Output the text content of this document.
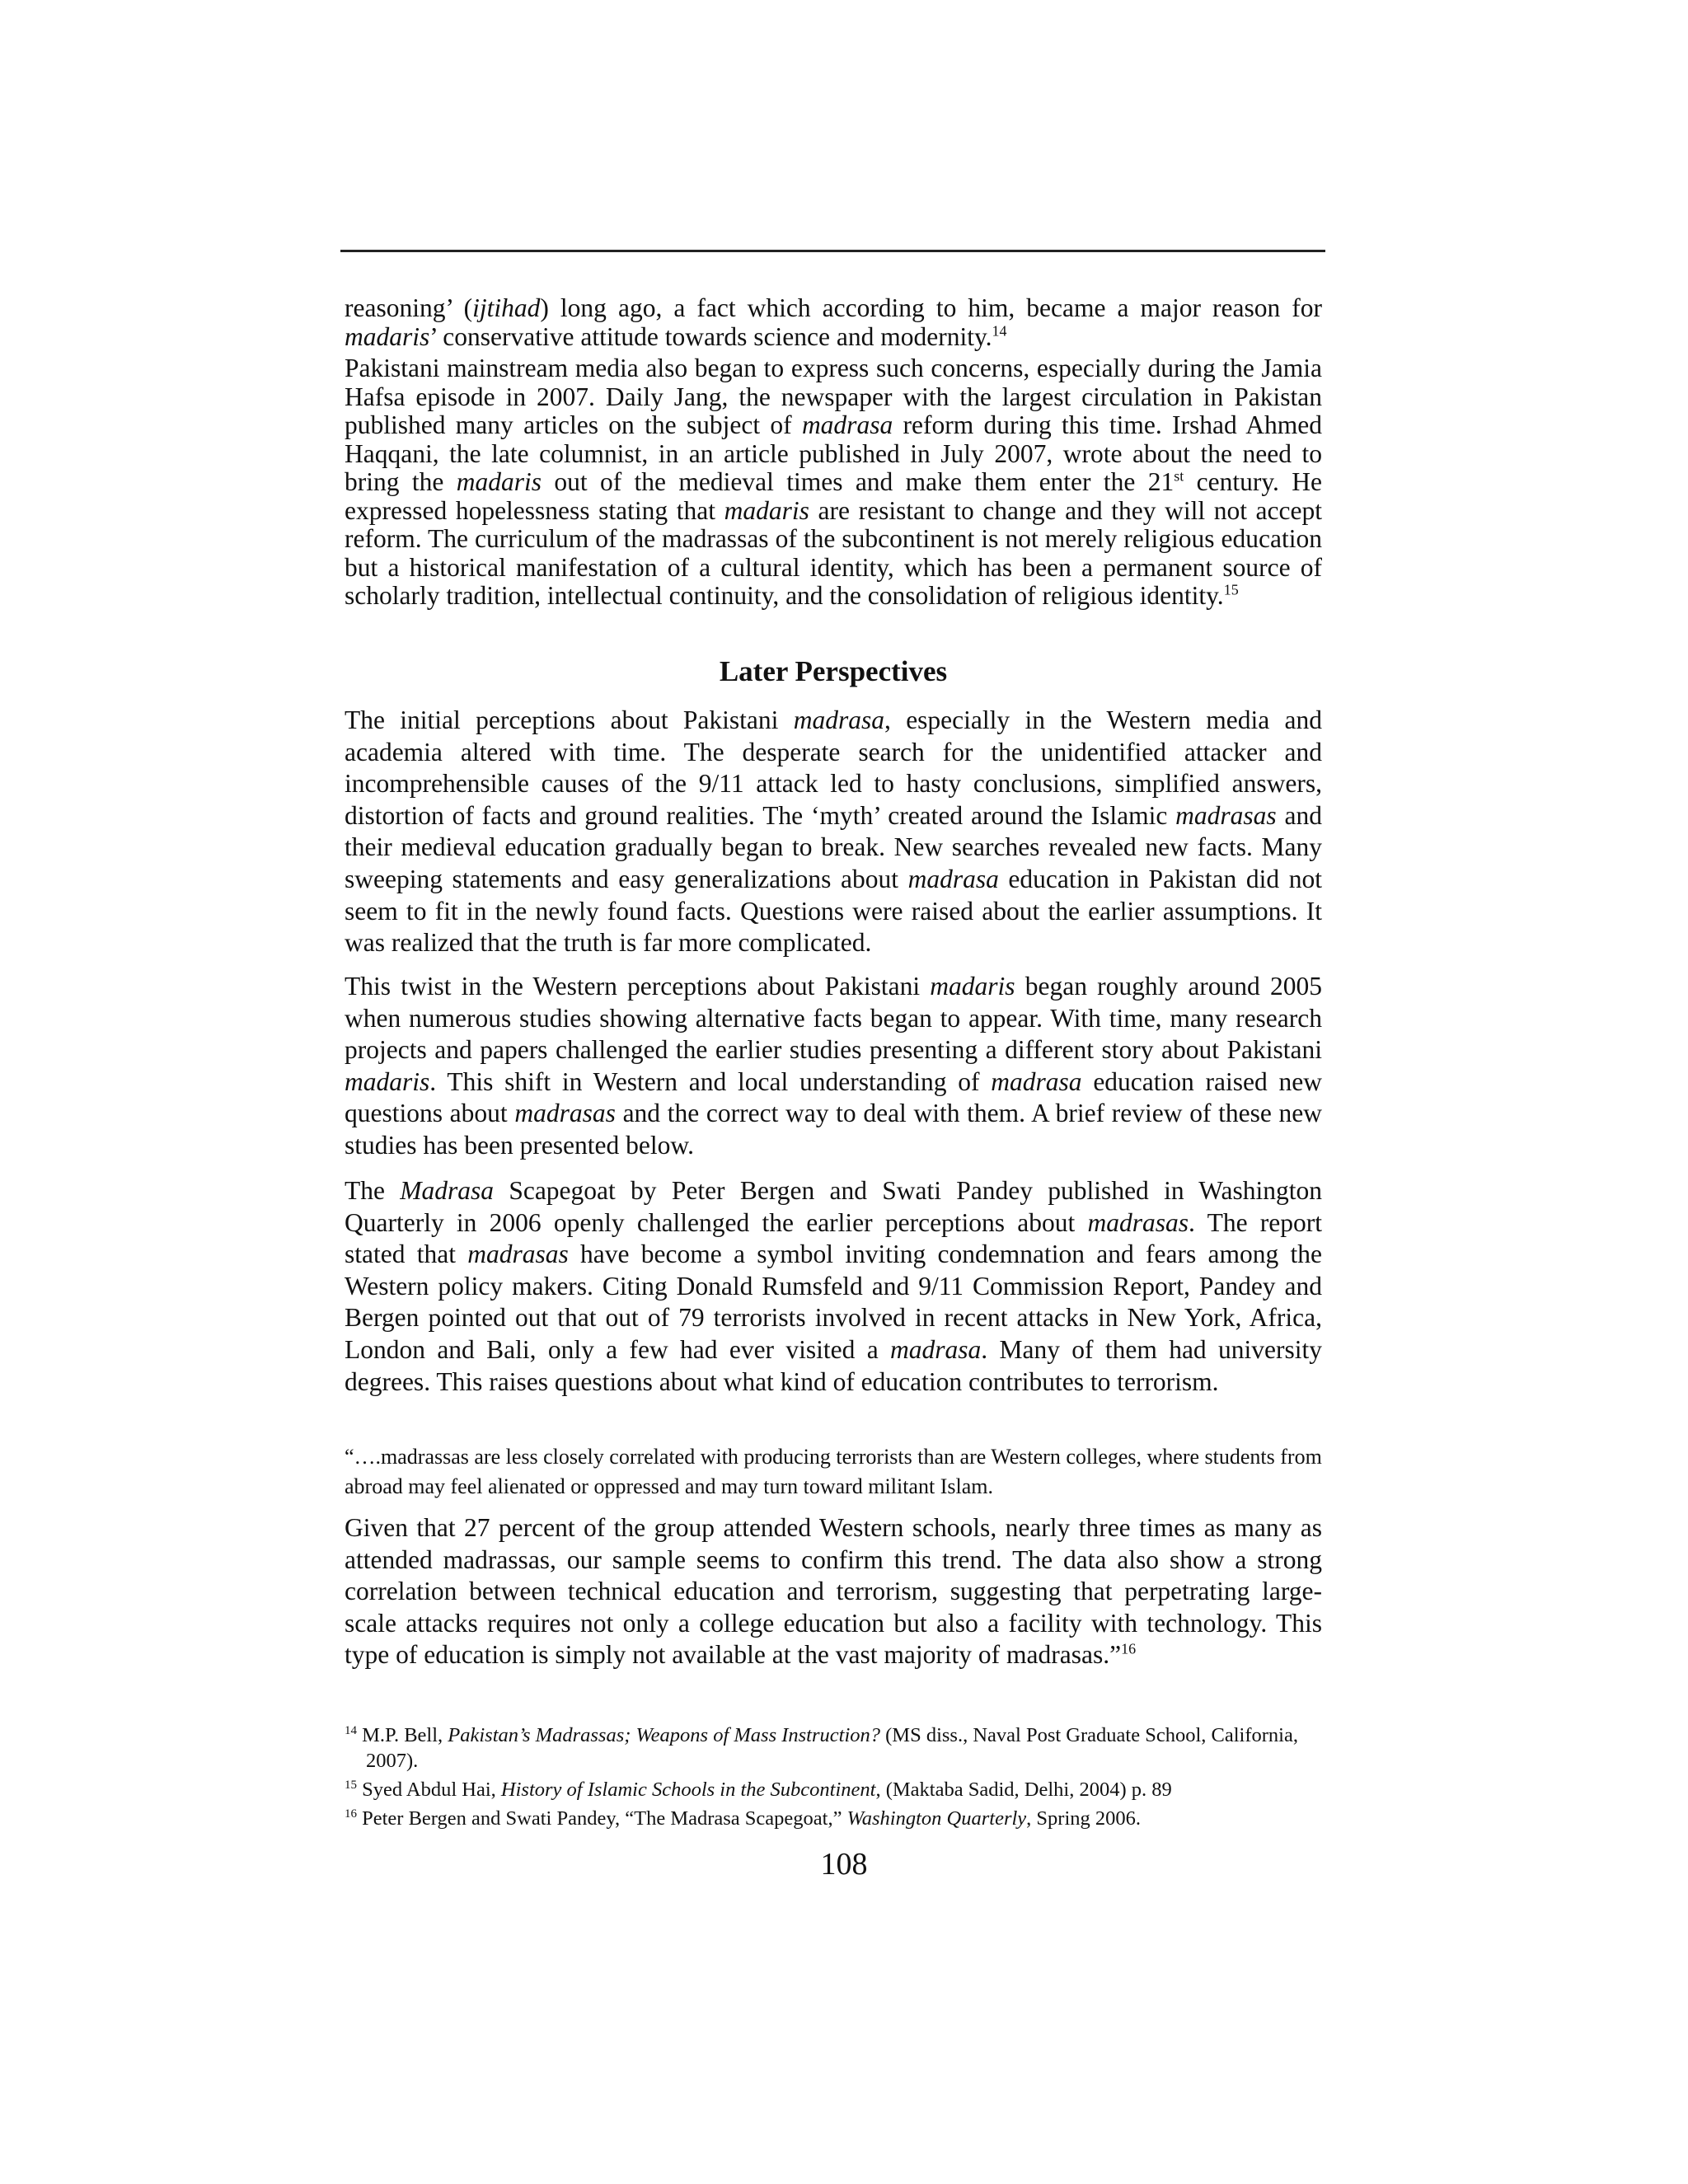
reasoning’ (ijtihad) long ago, a fact which according to him, became a major reason for madaris’ conservative attitude towards science and modernity.$^{14}$

Pakistani mainstream media also began to express such concerns, especially during the Jamia Hafsa episode in 2007. Daily Jang, the newspaper with the largest circulation in Pakistan published many articles on the subject of madrasa reform during this time. Irshad Ahmed Haqqani, the late columnist, in an article published in July 2007, wrote about the need to bring the madaris out of the medieval times and make them enter the 21st century. He expressed hopelessness stating that madaris are resistant to change and they will not accept reform. The curriculum of the madrassas of the subcontinent is not merely religious education but a historical manifestation of a cultural identity, which has been a permanent source of scholarly tradition, intellectual continuity, and the consolidation of religious identity.$^{15}$

Later Perspectives

The initial perceptions about Pakistani madrasa, especially in the Western media and academia altered with time. The desperate search for the unidentified attacker and incomprehensible causes of the 9/11 attack led to hasty conclusions, simplified answers, distortion of facts and ground realities. The ‘myth’ created around the Islamic madrasas and their medieval education gradually began to break. New searches revealed new facts. Many sweeping statements and easy generalizations about madrasa education in Pakistan did not seem to fit in the newly found facts. Questions were raised about the earlier assumptions. It was realized that the truth is far more complicated.

This twist in the Western perceptions about Pakistani madaris began roughly around 2005 when numerous studies showing alternative facts began to appear. With time, many research projects and papers challenged the earlier studies presenting a different story about Pakistani madaris. This shift in Western and local understanding of madrasa education raised new questions about madrasas and the correct way to deal with them. A brief review of these new studies has been presented below.

The Madrasa Scapegoat by Peter Bergen and Swati Pandey published in Washington Quarterly in 2006 openly challenged the earlier perceptions about madrasas. The report stated that madrasas have become a symbol inviting condemnation and fears among the Western policy makers. Citing Donald Rumsfeld and 9/11 Commission Report, Pandey and Bergen pointed out that out of 79 terrorists involved in recent attacks in New York, Africa, London and Bali, only a few had ever visited a madrasa. Many of them had university degrees. This raises questions about what kind of education contributes to terrorism.

“….madrassas are less closely correlated with producing terrorists than are Western colleges, where students from abroad may feel alienated or oppressed and may turn toward militant Islam.

Given that 27 percent of the group attended Western schools, nearly three times as many as attended madrassas, our sample seems to confirm this trend. The data also show a strong correlation between technical education and terrorism, suggesting that perpetrating large-scale attacks requires not only a college education but also a facility with technology. This type of education is simply not available at the vast majority of madrasas.”$^{16}$

$^{14}$ M.P. Bell, Pakistan’s Madrassas; Weapons of Mass Instruction? (MS diss., Naval Post Graduate School, California, 2007).

$^{15}$ Syed Abdul Hai, History of Islamic Schools in the Subcontinent, (Maktaba Sadid, Delhi, 2004) p. 89

$^{16}$ Peter Bergen and Swati Pandey, “The Madrasa Scapegoat,” Washington Quarterly, Spring 2006.

108
